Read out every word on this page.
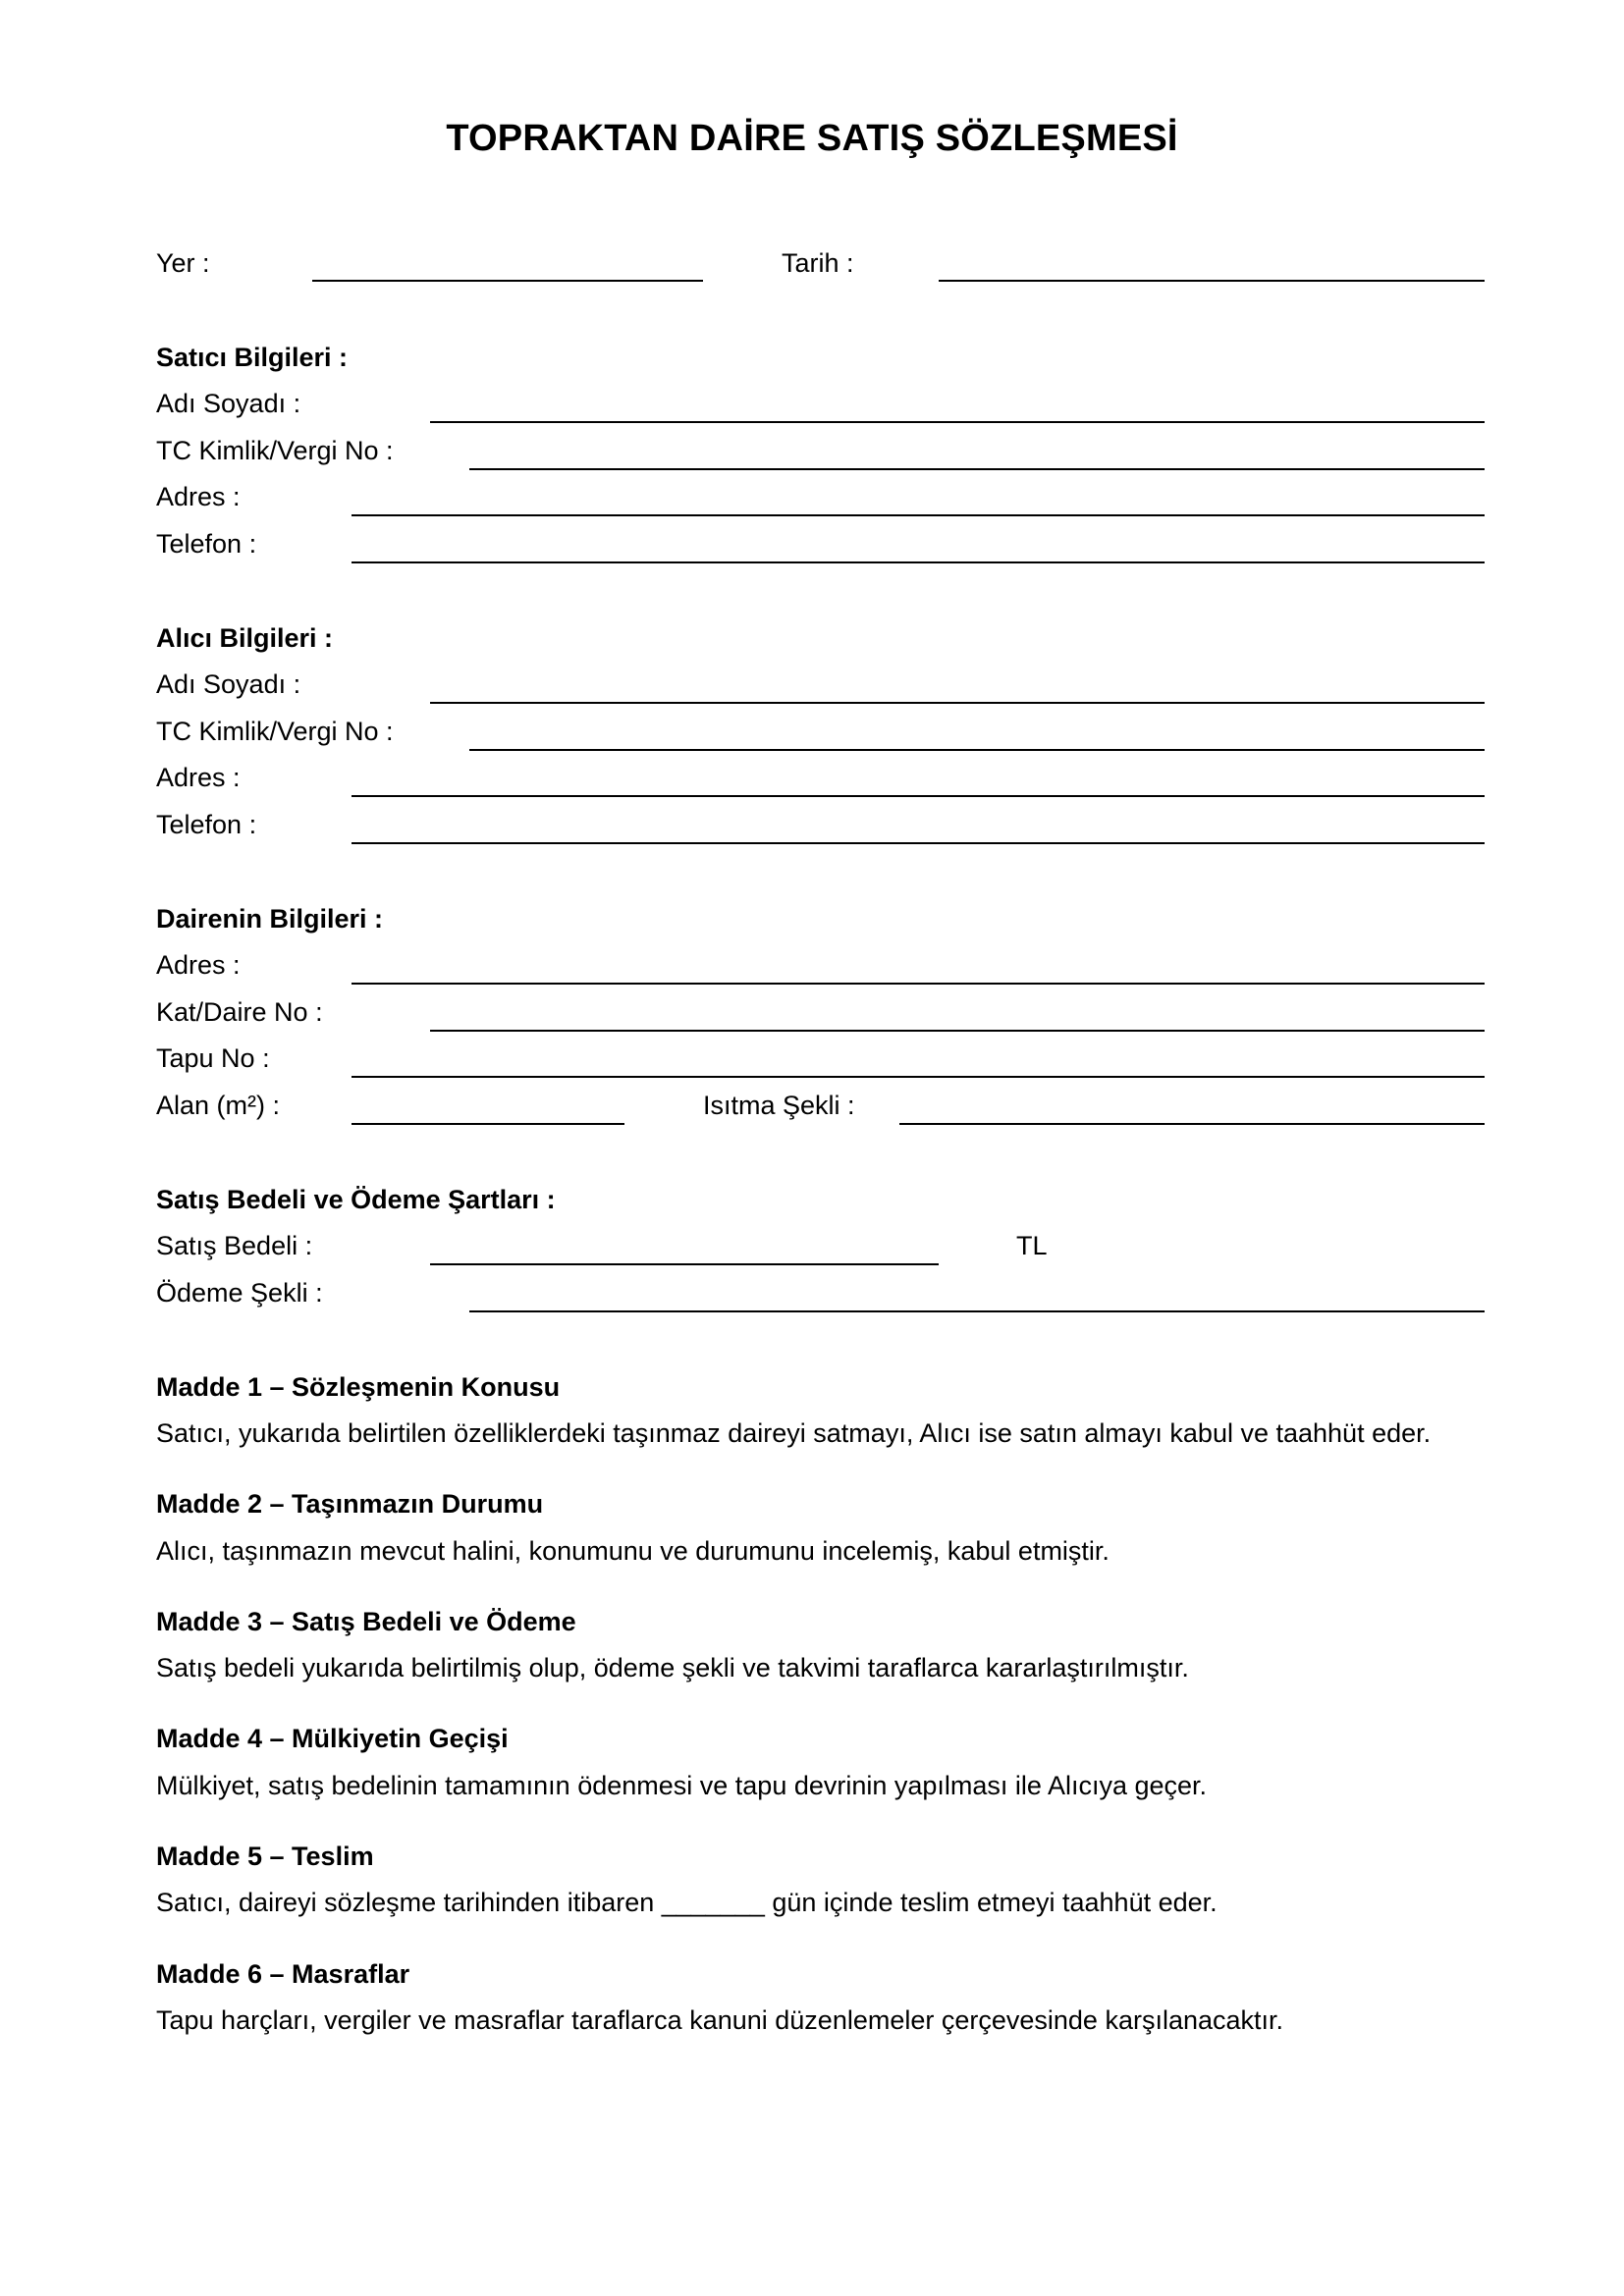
TOPRAKTAN DAİRE SATIŞ SÖZLEŞMESİ
Yer :	Tarih :
Satıcı Bilgileri :
Adı Soyadı :
TC Kimlik/Vergi No :
Adres :
Telefon :
Alıcı Bilgileri :
Adı Soyadı :
TC Kimlik/Vergi No :
Adres :
Telefon :
Dairenin Bilgileri :
Adres :
Kat/Daire No :
Tapu No :
Alan (m²) :	Isıtma Şekli :
Satış Bedeli ve Ödeme Şartları :
Satış Bedeli :	TL
Ödeme Şekli :
Madde 1 – Sözleşmenin Konusu
Satıcı, yukarıda belirtilen özelliklerdeki taşınmaz daireyi satmayı, Alıcı ise satın almayı kabul ve taahhüt eder.
Madde 2 – Taşınmazın Durumu
Alıcı, taşınmazın mevcut halini, konumunu ve durumunu incelemiş, kabul etmiştir.
Madde 3 – Satış Bedeli ve Ödeme
Satış bedeli yukarıda belirtilmiş olup, ödeme şekli ve takvimi taraflarca kararlaştırılmıştır.
Madde 4 – Mülkiyetin Geçişi
Mülkiyet, satış bedelinin tamamının ödenmesi ve tapu devrinin yapılması ile Alıcıya geçer.
Madde 5 – Teslim
Satıcı, daireyi sözleşme tarihinden itibaren _______ gün içinde teslim etmeyi taahhüt eder.
Madde 6 – Masraflar
Tapu harçları, vergiler ve masraflar taraflarca kanuni düzenlemeler çerçevesinde karşılanacaktır.
